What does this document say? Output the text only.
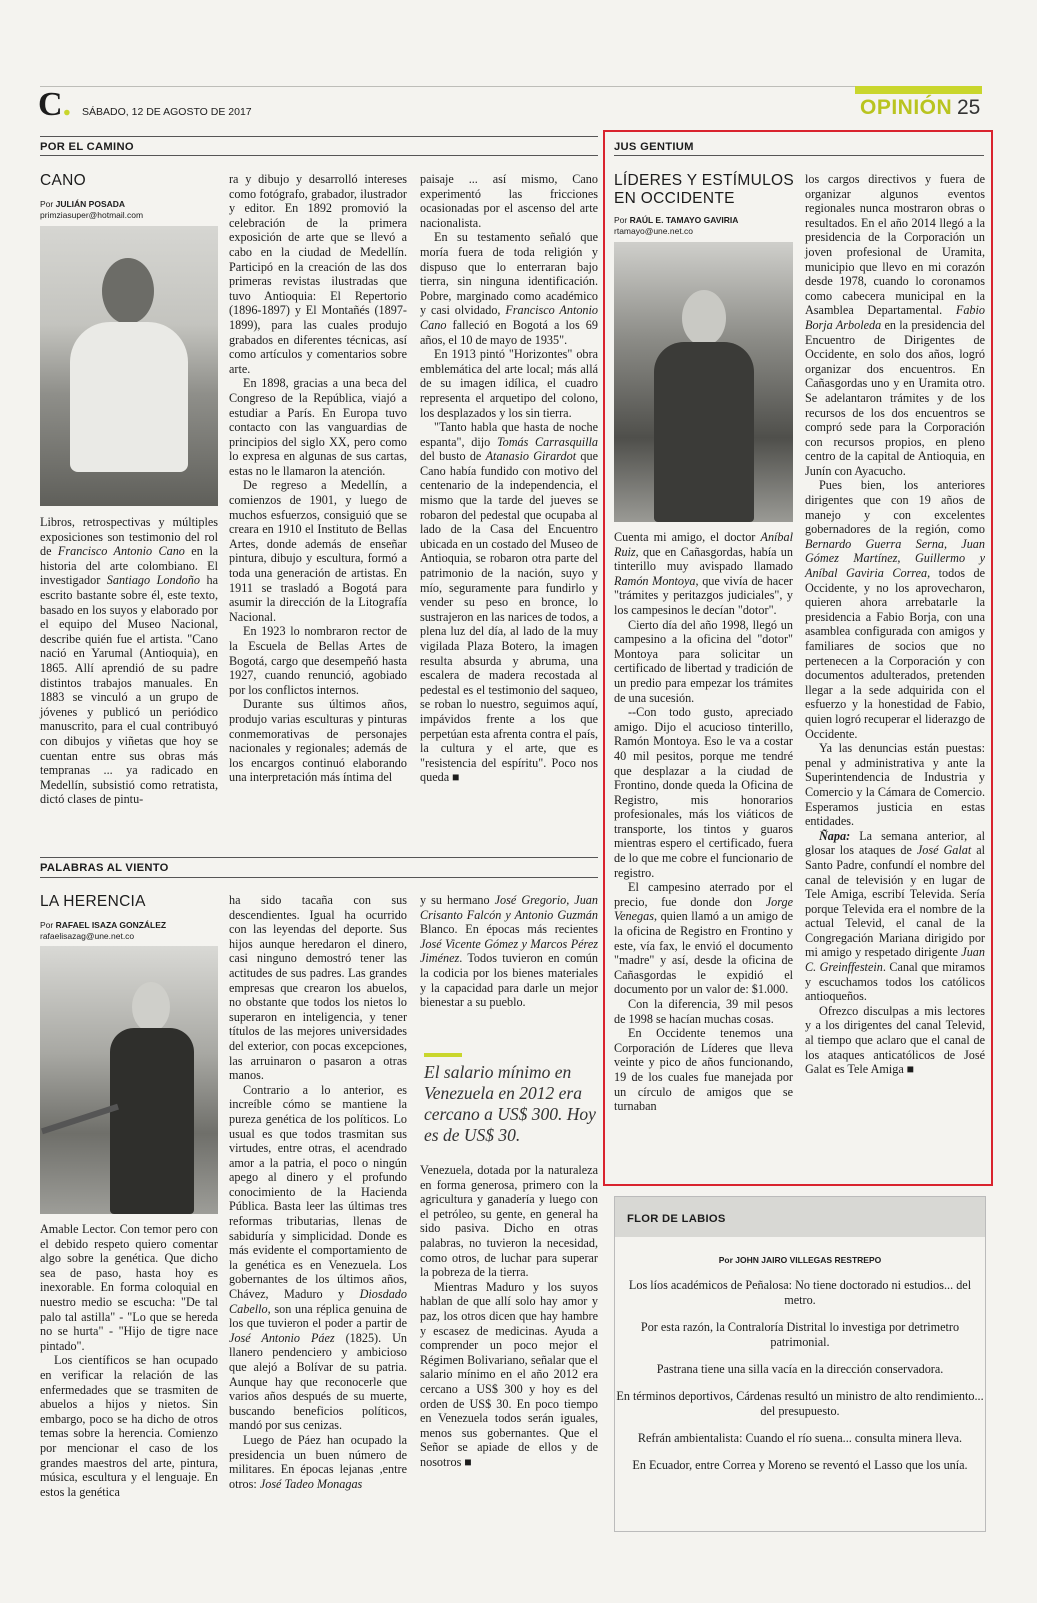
C. SÁBADO, 12 DE AGOSTO DE 2017	OPINIÓN 25
POR EL CAMINO
CANO
Por JULIÁN POSADA
primziasuper@hotmail.com

Libros, retrospectivas y múltiples exposiciones son testimonio del rol de Francisco Antonio Cano en la historia del arte colombiano. El investigador Santiago Londoño ha escrito bastante sobre él, este texto, basado en los suyos y elaborado por el equipo del Museo Nacional, describe quién fue el artista. "Cano nació en Yarumal (Antioquia), en 1865. Allí aprendió de su padre distintos trabajos manuales. En 1883 se vinculó a un grupo de jóvenes y publicó un periódico manuscrito, para el cual contribuyó con dibujos y viñetas que hoy se cuentan entre sus obras más tempranas ... ya radicado en Medellín, subsistió como retratista, dictó clases de pintu-

ra y dibujo y desarrolló intereses como fotógrafo, grabador, ilustrador y editor. En 1892 promovió la celebración de la primera exposición de arte que se llevó a cabo en la ciudad de Medellín. Participó en la creación de las dos primeras revistas ilustradas que tuvo Antioquia: El Repertorio (1896-1897) y El Montañés (1897-1899), para las cuales produjo grabados en diferentes técnicas, así como artículos y comentarios sobre arte.

En 1898, gracias a una beca del Congreso de la República, viajó a estudiar a París. En Europa tuvo contacto con las vanguardias de principios del siglo XX, pero como lo expresa en algunas de sus cartas, estas no le llamaron la atención.

De regreso a Medellín, a comienzos de 1901, y luego de muchos esfuerzos, consiguió que se creara en 1910 el Instituto de Bellas Artes, donde además de enseñar pintura, dibujo y escultura, formó a toda una generación de artistas. En 1911 se trasladó a Bogotá para asumir la dirección de la Litografía Nacional.

En 1923 lo nombraron rector de la Escuela de Bellas Artes de Bogotá, cargo que desempeñó hasta 1927, cuando renunció, agobiado por los conflictos internos.

Durante sus últimos años, produjo varias esculturas y pinturas conmemorativas de personajes nacionales y regionales; además de los encargos continuó elaborando una interpretación más íntima del

paisaje ... así mismo, Cano experimentó las fricciones ocasionadas por el ascenso del arte nacionalista.

En su testamento señaló que moría fuera de toda religión y dispuso que lo enterraran bajo tierra, sin ninguna identificación. Pobre, marginado como académico y casi olvidado, Francisco Antonio Cano falleció en Bogotá a los 69 años, el 10 de mayo de 1935".

En 1913 pintó "Horizontes" obra emblemática del arte local; más allá de su imagen idílica, el cuadro representa el arquetipo del colono, los desplazados y los sin tierra.

"Tanto habla que hasta de noche espanta", dijo Tomás Carrasquilla del busto de Atanasio Girardot que Cano había fundido con motivo del centenario de la independencia, el mismo que la tarde del jueves se robaron del pedestal que ocupaba al lado de la Casa del Encuentro ubicada en un costado del Museo de Antioquia, se robaron otra parte del patrimonio de la nación, suyo y mío, seguramente para fundirlo y vender su peso en bronce, lo sustrajeron en las narices de todos, a plena luz del día, al lado de la muy vigilada Plaza Botero, la imagen resulta absurda y abruma, una escalera de madera recostada al pedestal es el testimonio del saqueo, se roban lo nuestro, seguimos aquí, impávidos frente a los que perpetúan esta afrenta contra el país, la cultura y el arte, que es "resistencia del espíritu". Poco nos queda ■

PALABRAS AL VIENTO
LA HERENCIA
Por RAFAEL ISAZA GONZÁLEZ
rafaelisazag@une.net.co

Amable Lector. Con temor pero con el debido respeto quiero comentar algo sobre la genética. Que dicho sea de paso, hasta hoy es inexorable. En forma coloquial en nuestro medio se escucha: "De tal palo tal astilla" - "Lo que se hereda no se hurta" - "Hijo de tigre nace pintado".

Los científicos se han ocupado en verificar la relación de las enfermedades que se trasmiten de abuelos a hijos y nietos. Sin embargo, poco se ha dicho de otros temas sobre la herencia. Comienzo por mencionar el caso de los grandes maestros del arte, pintura, música, escultura y el lenguaje. En estos la genética

ha sido tacaña con sus descendientes. Igual ha ocurrido con las leyendas del deporte. Sus hijos aunque heredaron el dinero, casi ninguno demostró tener las actitudes de sus padres. Las grandes empresas que crearon los abuelos, no obstante que todos los nietos lo superaron en inteligencia, y tener títulos de las mejores universidades del exterior, con pocas excepciones, las arruinaron o pasaron a otras manos.

Contrario a lo anterior, es increíble cómo se mantiene la pureza genética de los políticos. Lo usual es que todos trasmitan sus virtudes, entre otras, el acendrado amor a la patria, el poco o ningún apego al dinero y el profundo conocimiento de la Hacienda Pública. Basta leer las últimas tres reformas tributarias, llenas de sabiduría y simplicidad. Donde es más evidente el comportamiento de la genética es en Venezuela. Los gobernantes de los últimos años, Chávez, Maduro y Diosdado Cabello, son una réplica genuina de los que tuvieron el poder a partir de José Antonio Páez (1825). Un llanero pendenciero y ambicioso que alejó a Bolívar de su patria. Aunque hay que reconocerle que varios años después de su muerte, buscando beneficios políticos, mandó por sus cenizas.

Luego de Páez han ocupado la presidencia un buen número de militares. En épocas lejanas ,entre otros: José Tadeo Monagas

y su hermano José Gregorio, Juan Crisanto Falcón y Antonio Guzmán Blanco. En épocas más recientes José Vicente Gómez y Marcos Pérez Jiménez. Todos tuvieron en común la codicia por los bienes materiales y la capacidad para darle un mejor bienestar a su pueblo.

El salario mínimo en Venezuela en 2012 era cercano a US$ 300. Hoy es de US$ 30.

Venezuela, dotada por la naturaleza en forma generosa, primero con la agricultura y ganadería y luego con el petróleo, su gente, en general ha sido pasiva. Dicho en otras palabras, no tuvieron la necesidad, como otros, de luchar para superar la pobreza de la tierra.

Mientras Maduro y los suyos hablan de que allí solo hay amor y paz, los otros dicen que hay hambre y escasez de medicinas. Ayuda a comprender un poco mejor el Régimen Bolivariano, señalar que el salario mínimo en el año 2012 era cercano a US$ 300 y hoy es del orden de US$ 30. En poco tiempo en Venezuela todos serán iguales, menos sus gobernantes. Que el Señor se apiade de ellos y de nosotros ■

JUS GENTIUM
LÍDERES Y ESTÍMULOS EN OCCIDENTE
Por RAÚL E. TAMAYO GAVIRIA
rtamayo@une.net.co

Cuenta mi amigo, el doctor Aníbal Ruiz, que en Cañasgordas, había un tinterillo muy avispado llamado Ramón Montoya, que vivía de hacer "trámites y peritazgos judiciales", y los campesinos le decían "dotor".

Cierto día del año 1998, llegó un campesino a la oficina del "dotor" Montoya para solicitar un certificado de libertad y tradición de un predio para empezar los trámites de una sucesión.

--Con todo gusto, apreciado amigo. Dijo el acucioso tinterillo, Ramón Montoya. Eso le va a costar 40 mil pesitos, porque me tendré que desplazar a la ciudad de Frontino, donde queda la Oficina de Registro, mis honorarios profesionales, más los viáticos de transporte, los tintos y guaros mientras espero el certificado, fuera de lo que me cobre el funcionario de registro.

El campesino aterrado por el precio, fue donde don Jorge Venegas, quien llamó a un amigo de la oficina de Registro en Frontino y este, vía fax, le envió el documento "madre" y así, desde la oficina de Cañasgordas le expidió el documento por un valor de: $1.000.

Con la diferencia, 39 mil pesos de 1998 se hacían muchas cosas.

En Occidente tenemos una Corporación de Líderes que lleva veinte y pico de años funcionando, 19 de los cuales fue manejada por un círculo de amigos que se turnaban

los cargos directivos y fuera de organizar algunos eventos regionales nunca mostraron obras o resultados. En el año 2014 llegó a la presidencia de la Corporación un joven profesional de Uramita, municipio que llevo en mi corazón desde 1978, cuando lo coronamos como cabecera municipal en la Asamblea Departamental. Fabio Borja Arboleda en la presidencia del Encuentro de Dirigentes de Occidente, en solo dos años, logró organizar dos encuentros. En Cañasgordas uno y en Uramita otro. Se adelantaron trámites y de los recursos de los dos encuentros se compró sede para la Corporación con recursos propios, en pleno centro de la capital de Antioquia, en Junín con Ayacucho.

Pues bien, los anteriores dirigentes que con 19 años de manejo y con excelentes gobernadores de la región, como Bernardo Guerra Serna, Juan Gómez Martínez, Guillermo y Aníbal Gaviria Correa, todos de Occidente, y no los aprovecharon, quieren ahora arrebatarle la presidencia a Fabio Borja, con una asamblea configurada con amigos y familiares de socios que no pertenecen a la Corporación y con documentos adulterados, pretenden llegar a la sede adquirida con el esfuerzo y la honestidad de Fabio, quien logró recuperar el liderazgo de Occidente.

Ya las denuncias están puestas: penal y administrativa y ante la Superintendencia de Industria y Comercio y la Cámara de Comercio. Esperamos justicia en estas entidades.

Ñapa: La semana anterior, al glosar los ataques de José Galat al Santo Padre, confundí el nombre del canal de televisión y en lugar de Tele Amiga, escribí Televida. Sería porque Televida era el nombre de la actual Televid, el canal de la Congregación Mariana dirigido por mi amigo y respetado dirigente Juan C. Greinffestein. Canal que miramos y escuchamos todos los católicos antioqueños.

Ofrezco disculpas a mis lectores y a los dirigentes del canal Televid, al tiempo que aclaro que el canal de los ataques anticatólicos de José Galat es Tele Amiga ■

FLOR DE LABIOS
Por JOHN JAIRO VILLEGAS RESTREPO

Los líos académicos de Peñalosa: No tiene doctorado ni estudios... del metro.

Por esta razón, la Contraloría Distrital lo investiga por detrimetro patrimonial.

Pastrana tiene una silla vacía en la dirección conservadora.

En términos deportivos, Cárdenas resultó un ministro de alto rendimiento... del presupuesto.

Refrán ambientalista: Cuando el río suena... consulta minera lleva.

En Ecuador, entre Correa y Moreno se reventó el Lasso que los unía.
